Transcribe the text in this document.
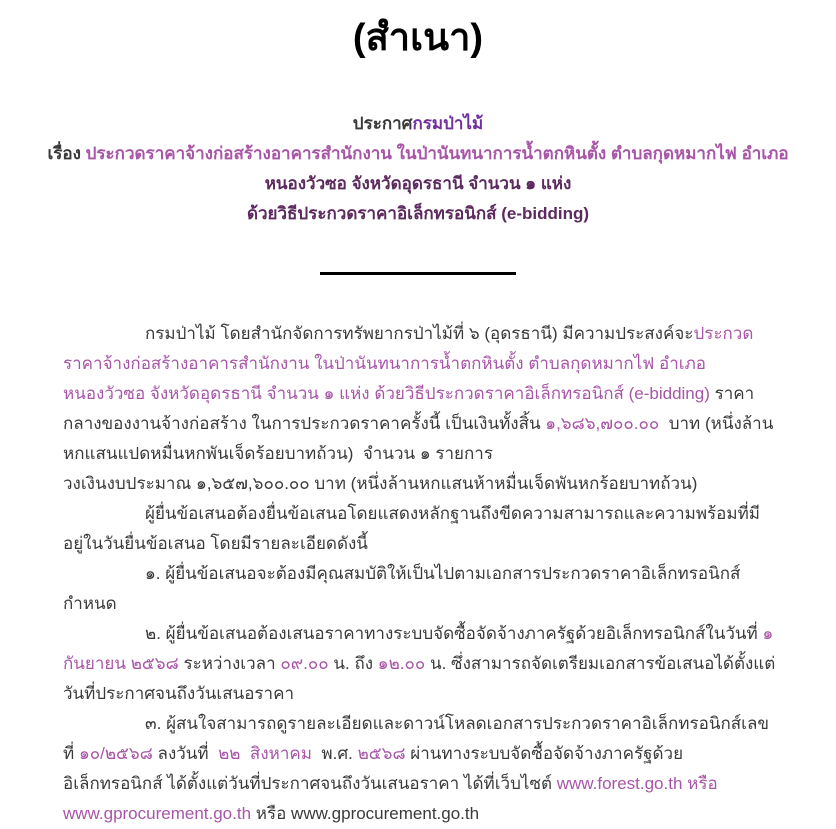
(สำเนา)
ประกาศกรมป่าไม้
เรื่อง ประกวดราคาจ้างก่อสร้างอาคารสำนักงาน ในป่านันทนาการน้ำตกหินตั้ง ตำบลกุดหมากไฟ อำเภอ
หนองวัวซอ จังหวัดอุดรธานี จำนวน ๑ แห่ง
ด้วยวิธีประกวดราคาอิเล็กทรอนิกส์ (e-bidding)

กรมป่าไม้ โดยสำนักจัดการทรัพยากรป่าไม้ที่ ๖ (อุดรธานี) มีความประสงค์จะประกวดราคาจ้างก่อสร้างอาคารสำนักงาน ในป่านันทนาการน้ำตกหินตั้ง ตำบลกุดหมากไฟ อำเภอหนองวัวซอ จังหวัดอุดรธานี จำนวน ๑ แห่ง ด้วยวิธีประกวดราคาอิเล็กทรอนิกส์ (e-bidding) ราคากลางของงานจ้างก่อสร้าง ในการประกวดราคาครั้งนี้ เป็นเงินทั้งสิ้น ๑,๖๘๖,๗๐๐.๐๐  บาท (หนึ่งล้านหกแสนแปดหมื่นหกพันเจ็ดร้อยบาทถ้วน)  จำนวน ๑ รายการ

วงเงินงบประมาณ ๑,๖๕๗,๖๐๐.๐๐ บาท (หนึ่งล้านหกแสนห้าหมื่นเจ็ดพันหกร้อยบาทถ้วน)

ผู้ยื่นข้อเสนอต้องยื่นข้อเสนอโดยแสดงหลักฐานถึงขีดความสามารถและความพร้อมที่มีอยู่ในวันยื่นข้อเสนอ โดยมีรายละเอียดดังนี้

๑. ผู้ยื่นข้อเสนอจะต้องมีคุณสมบัติให้เป็นไปตามเอกสารประกวดราคาอิเล็กทรอนิกส์กำหนด

๒. ผู้ยื่นข้อเสนอต้องเสนอราคาทางระบบจัดซื้อจัดจ้างภาครัฐด้วยอิเล็กทรอนิกส์ในวันที่ ๑ กันยายน ๒๕๖๘ ระหว่างเวลา ๐๙.๐๐ น. ถึง ๑๒.๐๐ น. ซึ่งสามารถจัดเตรียมเอกสารข้อเสนอได้ตั้งแต่วันที่ประกาศจนถึงวันเสนอราคา

๓. ผู้สนใจสามารถดูรายละเอียดและดาวน์โหลดเอกสารประกวดราคาอิเล็กทรอนิกส์เลขที่ ๑๐/๒๕๖๘ ลงวันที่  ๒๒  สิงหาคม  พ.ศ. ๒๕๖๘ ผ่านทางระบบจัดซื้อจัดจ้างภาครัฐด้วยอิเล็กทรอนิกส์ ได้ตั้งแต่วันที่ประกาศจนถึงวันเสนอราคา ได้ที่เว็บไซต์ www.forest.go.th หรือ www.gprocurement.go.th หรือ www.gprocurement.go.th
